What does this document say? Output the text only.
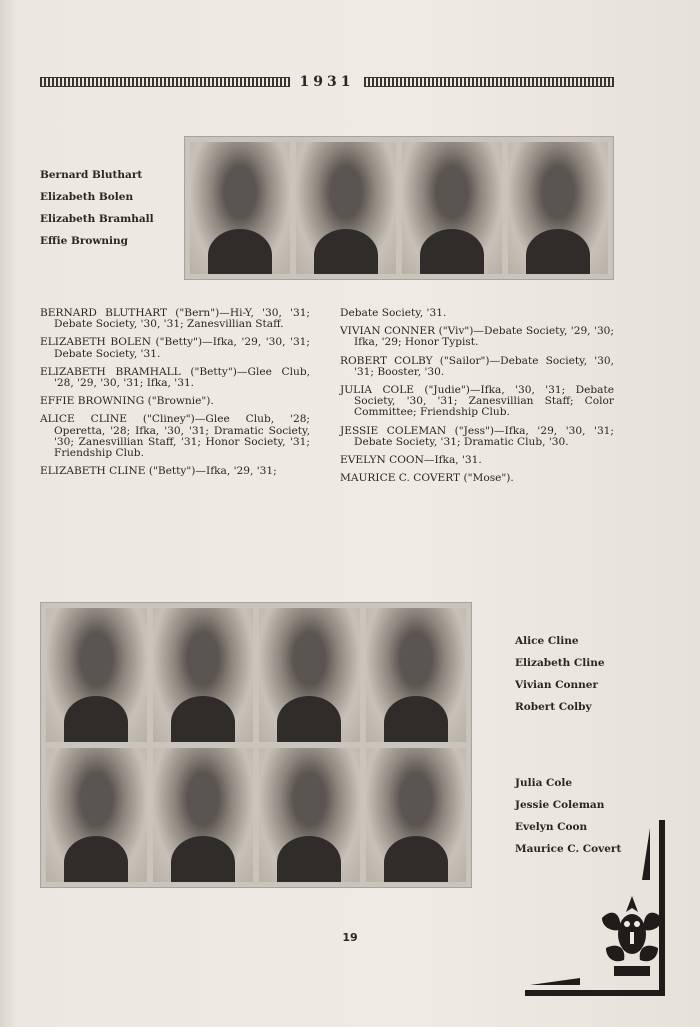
1931
Bernard Bluthart
Elizabeth Bolen
Elizabeth Bramhall
Effie Browning
BERNARD BLUTHART ("Bern")—Hi-Y, '30, '31; Debate Society, '30, '31; Zanesvillian Staff.
ELIZABETH BOLEN ("Betty")—Ifka, '29, '30, '31; Debate Society, '31.
ELIZABETH BRAMHALL ("Betty")—Glee Club, '28, '29, '30, '31; Ifka, '31.
EFFIE BROWNING ("Brownie").
ALICE CLINE ("Cliney")—Glee Club, '28; Operetta, '28; Ifka, '30, '31; Dramatic Society, '30; Zanesvillian Staff, '31; Honor Society, '31; Friendship Club.
ELIZABETH CLINE ("Betty")—Ifka, '29, '31;
Debate Society, '31.
VIVIAN CONNER ("Viv")—Debate Society, '29, '30; Ifka, '29; Honor Typist.
ROBERT COLBY ("Sailor")—Debate Society, '30, '31; Booster, '30.
JULIA COLE ("Judie")—Ifka, '30, '31; Debate Society, '30, '31; Zanesvillian Staff; Color Committee; Friendship Club.
JESSIE COLEMAN ("Jess")—Ifka, '29, '30, '31; Debate Society, '31; Dramatic Club, '30.
EVELYN COON—Ifka, '31.
MAURICE C. COVERT ("Mose").
Alice Cline
Elizabeth Cline
Vivian Conner
Robert Colby
Julia Cole
Jessie Coleman
Evelyn Coon
Maurice C. Covert
19
